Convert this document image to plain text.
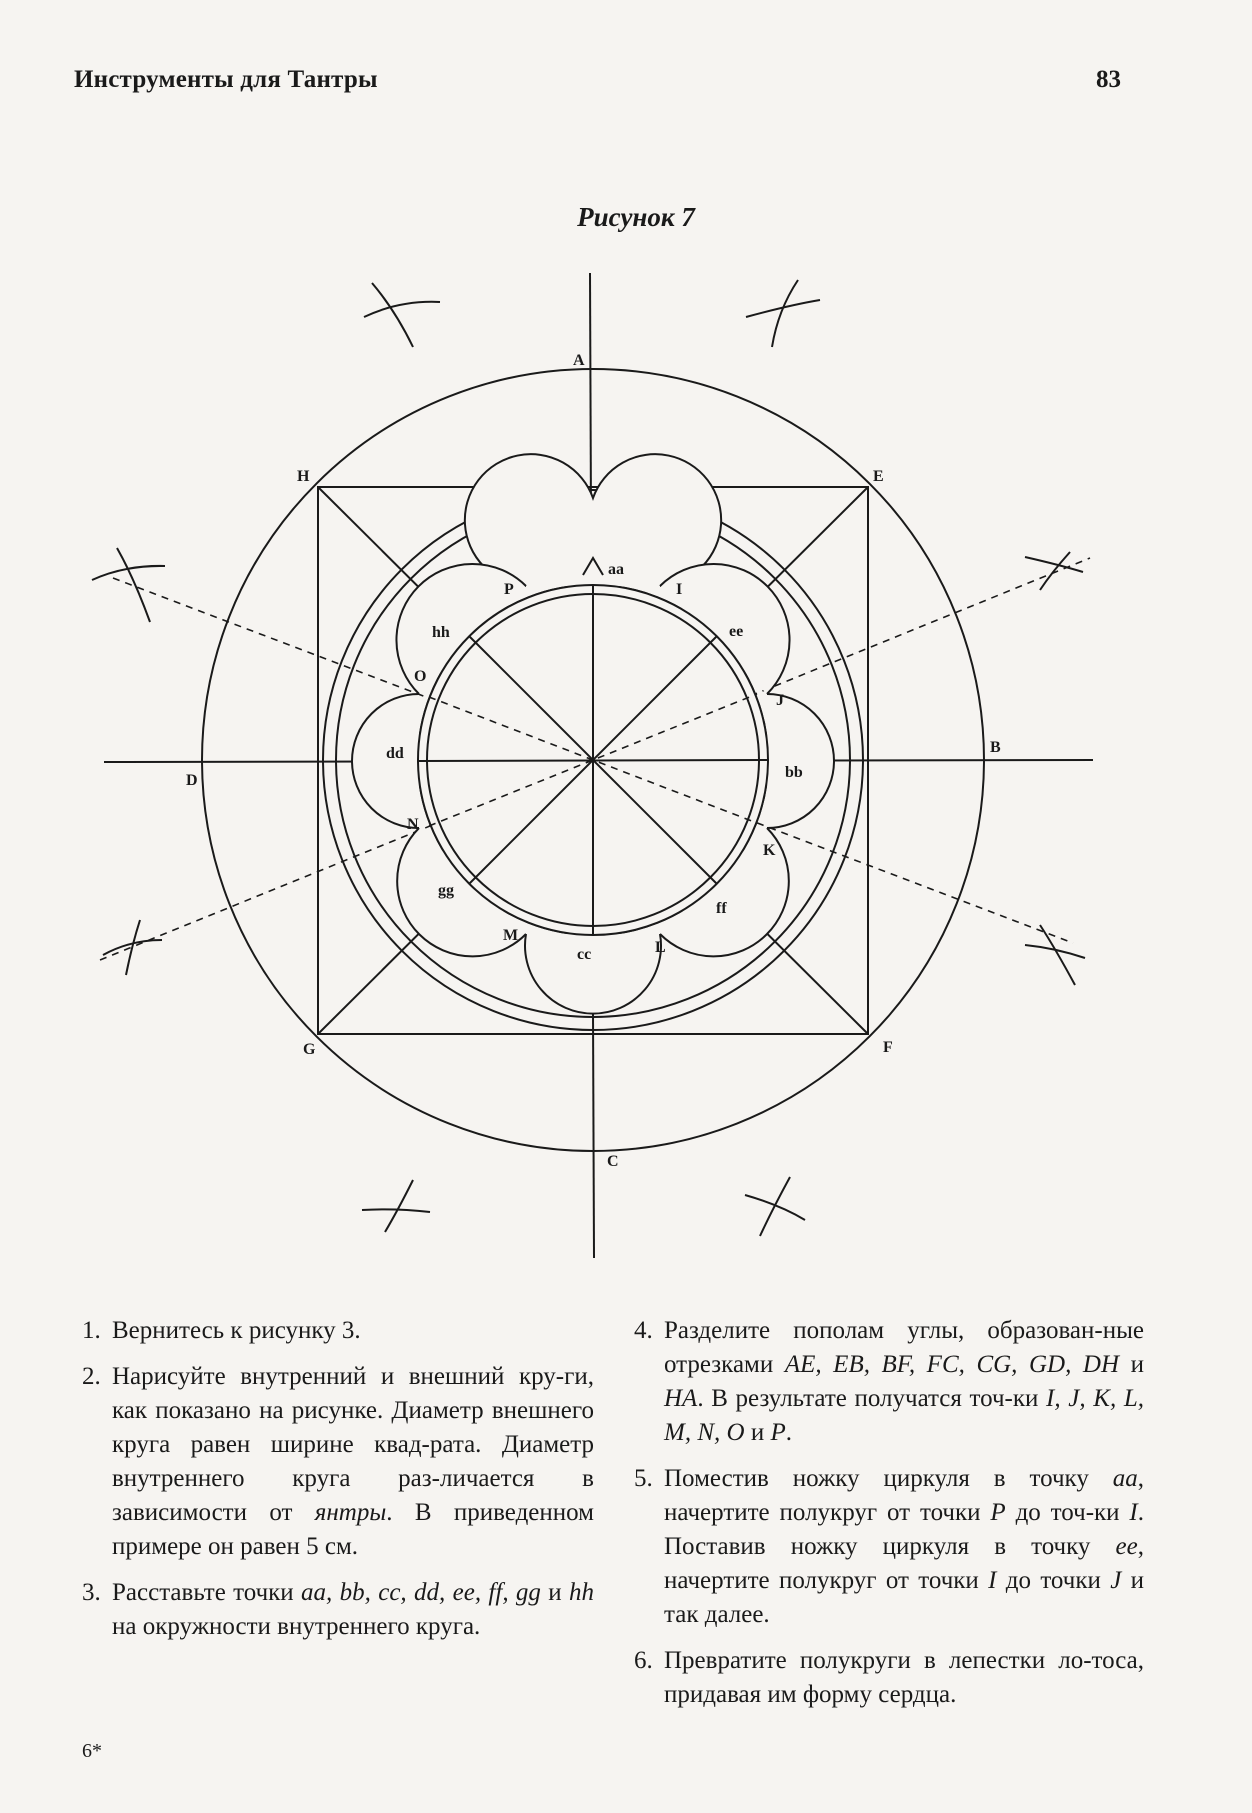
Инструменты для Тантры	83
Рисунок 7
A
B
C
D
E
F
G
H
I
J
K
L
M
N
O
P
aa
bb
cc
dd
ee
ff
gg
hh

1. Вернитесь к рисунку 3.

2. Нарисуйте внутренний и внешний кру-ги, как показано на рисунке. Диаметр внешнего круга равен ширине квад-рата. Диаметр внутреннего круга раз-личается в зависимости от янтры. В приведенном примере он равен 5 см.

3. Расставьте точки aa, bb, cc, dd, ee, ff, gg и hh на окружности внутреннего круга.

4. Разделите пополам углы, образован-ные отрезками AE, EB, BF, FC, CG, GD, DH и HA. В результате получатся точ-ки I, J, K, L, M, N, O и P.

5. Поместив ножку циркуля в точку aa, начертите полукруг от точки P до точ-ки I. Поставив ножку циркуля в точку ee, начертите полукруг от точки I до точки J и так далее.

6. Превратите полукруги в лепестки ло-тоса, придавая им форму сердца.

6*
